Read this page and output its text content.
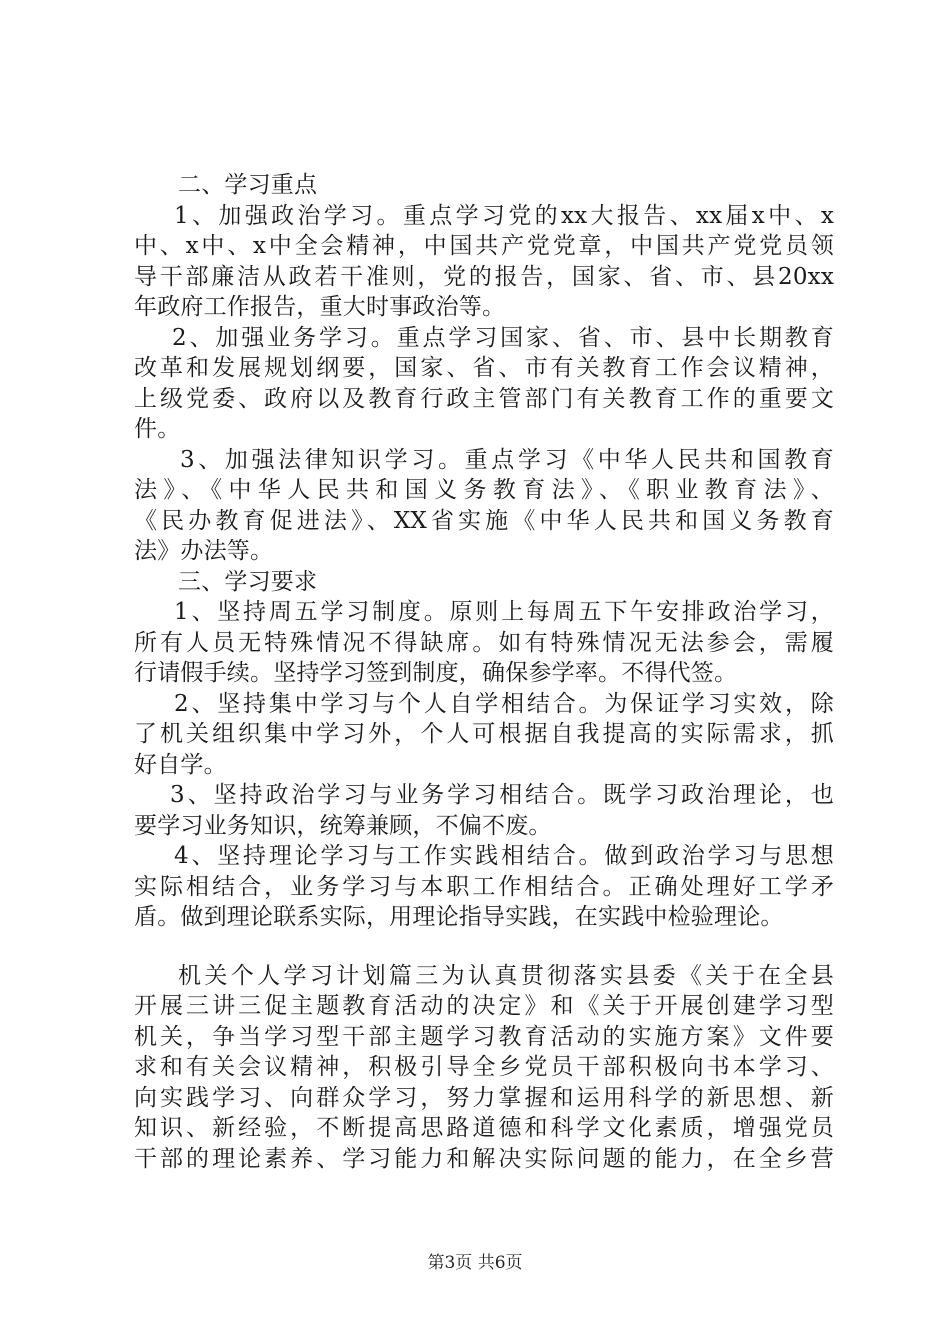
二、学习重点
1、加强政治学习。重点学习党的xx大报告、xx届x中、x
中、x中、x中全会精神，中国共产党党章，中国共产党党员领
导干部廉洁从政若干准则，党的报告，国家、省、市、县20xx
年政府工作报告，重大时事政治等。
2、加强业务学习。重点学习国家、省、市、县中长期教育
改革和发展规划纲要，国家、省、市有关教育工作会议精神，
上级党委、政府以及教育行政主管部门有关教育工作的重要文
件。
3、加强法律知识学习。重点学习《中华人民共和国教育
法》、《中华人民共和国义务教育法》、《职业教育法》、
《民办教育促进法》、XX省实施《中华人民共和国义务教育
法》办法等。
三、学习要求
1、坚持周五学习制度。原则上每周五下午安排政治学习，
所有人员无特殊情况不得缺席。如有特殊情况无法参会，需履
行请假手续。坚持学习签到制度，确保参学率。不得代签。
2、坚持集中学习与个人自学相结合。为保证学习实效，除
了机关组织集中学习外，个人可根据自我提高的实际需求，抓
好自学。
3、坚持政治学习与业务学习相结合。既学习政治理论，也
要学习业务知识，统筹兼顾，不偏不废。
4、坚持理论学习与工作实践相结合。做到政治学习与思想
实际相结合，业务学习与本职工作相结合。正确处理好工学矛
盾。做到理论联系实际，用理论指导实践，在实践中检验理论。
机关个人学习计划篇三为认真贯彻落实县委《关于在全县
开展三讲三促主题教育活动的决定》和《关于开展创建学习型
机关，争当学习型干部主题学习教育活动的实施方案》文件要
求和有关会议精神，积极引导全乡党员干部积极向书本学习、
向实践学习、向群众学习，努力掌握和运用科学的新思想、新
知识、新经验，不断提高思路道德和科学文化素质，增强党员
干部的理论素养、学习能力和解决实际问题的能力，在全乡营
第3页 共6页
